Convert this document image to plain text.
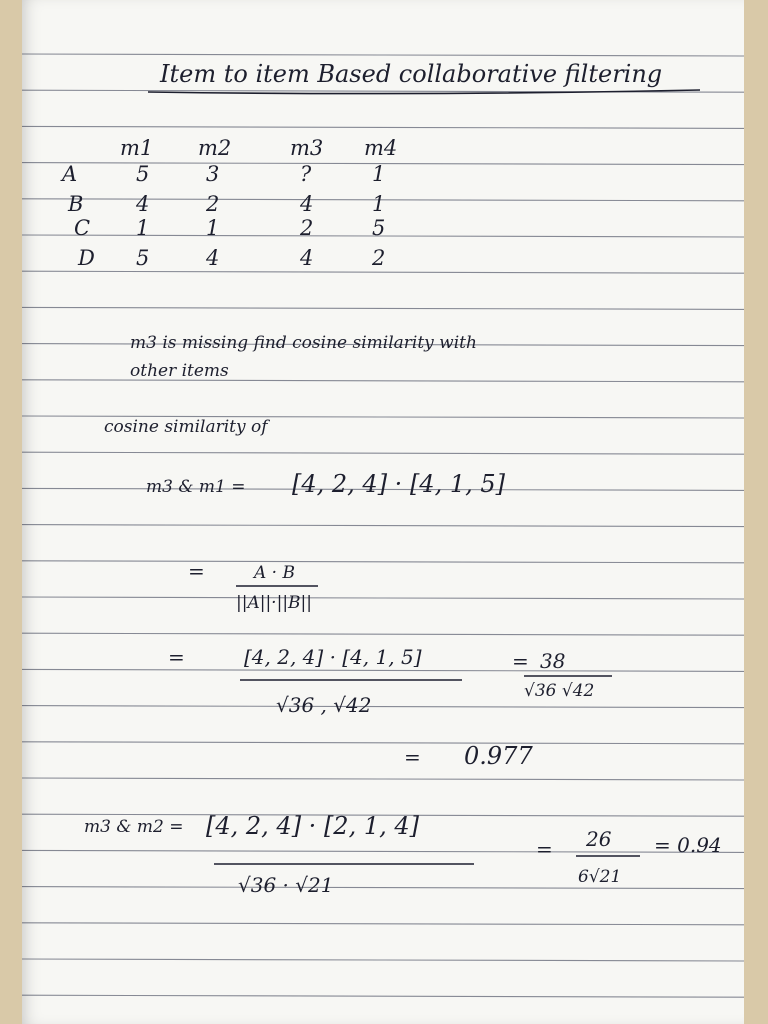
Item to item Based collaborative filtering
m1 m2	m3 m4
A	5	3	?	1
B	4	2	4	1
C 1	1	2	5
D 5	4	4	2
m3 is missing find cosine similarity with
other items
cosine similarity of
m3 & m1 = [4, 2, 4] · [4, 1, 5]
=	A · B
||A||·||B||
=	[4, 2, 4] · [4, 1, 5]
√36 , √42
= 38
√36 √42
= 0.977
m3 & m2 = [4, 2, 4] · [2, 1, 4]
√36 · √21
= 26
6√21
= 0.94
